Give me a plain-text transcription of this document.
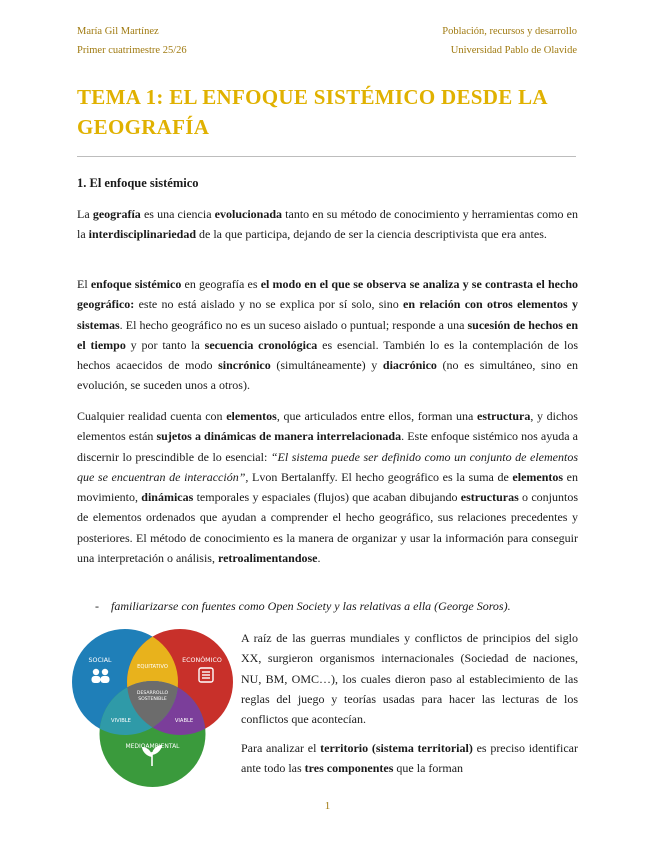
María Gil Martínez
Primer cuatrimestre 25/26
Población, recursos y desarrollo
Universidad Pablo de Olavide
TEMA 1: EL ENFOQUE SISTÉMICO DESDE LA GEOGRAFÍA
1. El enfoque sistémico

La geografía es una ciencia evolucionada tanto en su método de conocimiento y herramientas como en la interdisciplinariedad de la que participa, dejando de ser la ciencia descriptivista que era antes.

El enfoque sistémico en geografía es el modo en el que se observa se analiza y se contrasta el hecho geográfico: este no está aislado y no se explica por sí solo, sino en relación con otros elementos y sistemas. El hecho geográfico no es un suceso aislado o puntual; responde a una sucesión de hechos en el tiempo y por tanto la secuencia cronológica es esencial. También lo es la contemplación de los hechos acaecidos de modo sincrónico (simultáneamente) y diacrónico (no es simultáneo, sino en evolución, se suceden unos a otros).

Cualquier realidad cuenta con elementos, que articulados entre ellos, forman una estructura, y dichos elementos están sujetos a dinámicas de manera interrelacionada. Este enfoque sistémico nos ayuda a discernir lo prescindible de lo esencial: “El sistema puede ser definido como un conjunto de elementos que se encuentran de interacción”, Lvon Bertalanffy. El hecho geográfico es la suma de elementos en movimiento, dinámicas temporales y espaciales (flujos) que acaban dibujando estructuras o conjuntos de elementos ordenados que ayudan a comprender el hecho geográfico, sus relaciones precedentes y posteriores. El método de conocimiento es la manera de organizar y usar la información para conseguir una interpretación o análisis, retroalimentandose.

- familiarizarse con fuentes como Open Society y las relativas a ella (George Soros).
SOCIAL	ECONÓMICO
MEDIOAMBIENTAL
EQUITATIVO
VIVIBLE	VIABLE
DESARROLLO
SOSTENIBLE

A raíz de las guerras mundiales y conflictos de principios del siglo XX, surgieron organismos internacionales (Sociedad de naciones, NU, BM, OMC…), los cuales dieron paso al establecimiento de las reglas del juego y teorías usadas para hacer las lecturas de los conflictos que acontecían.

Para analizar el territorio (sistema territorial) es preciso identificar ante todo las tres componentes que la forman

1
